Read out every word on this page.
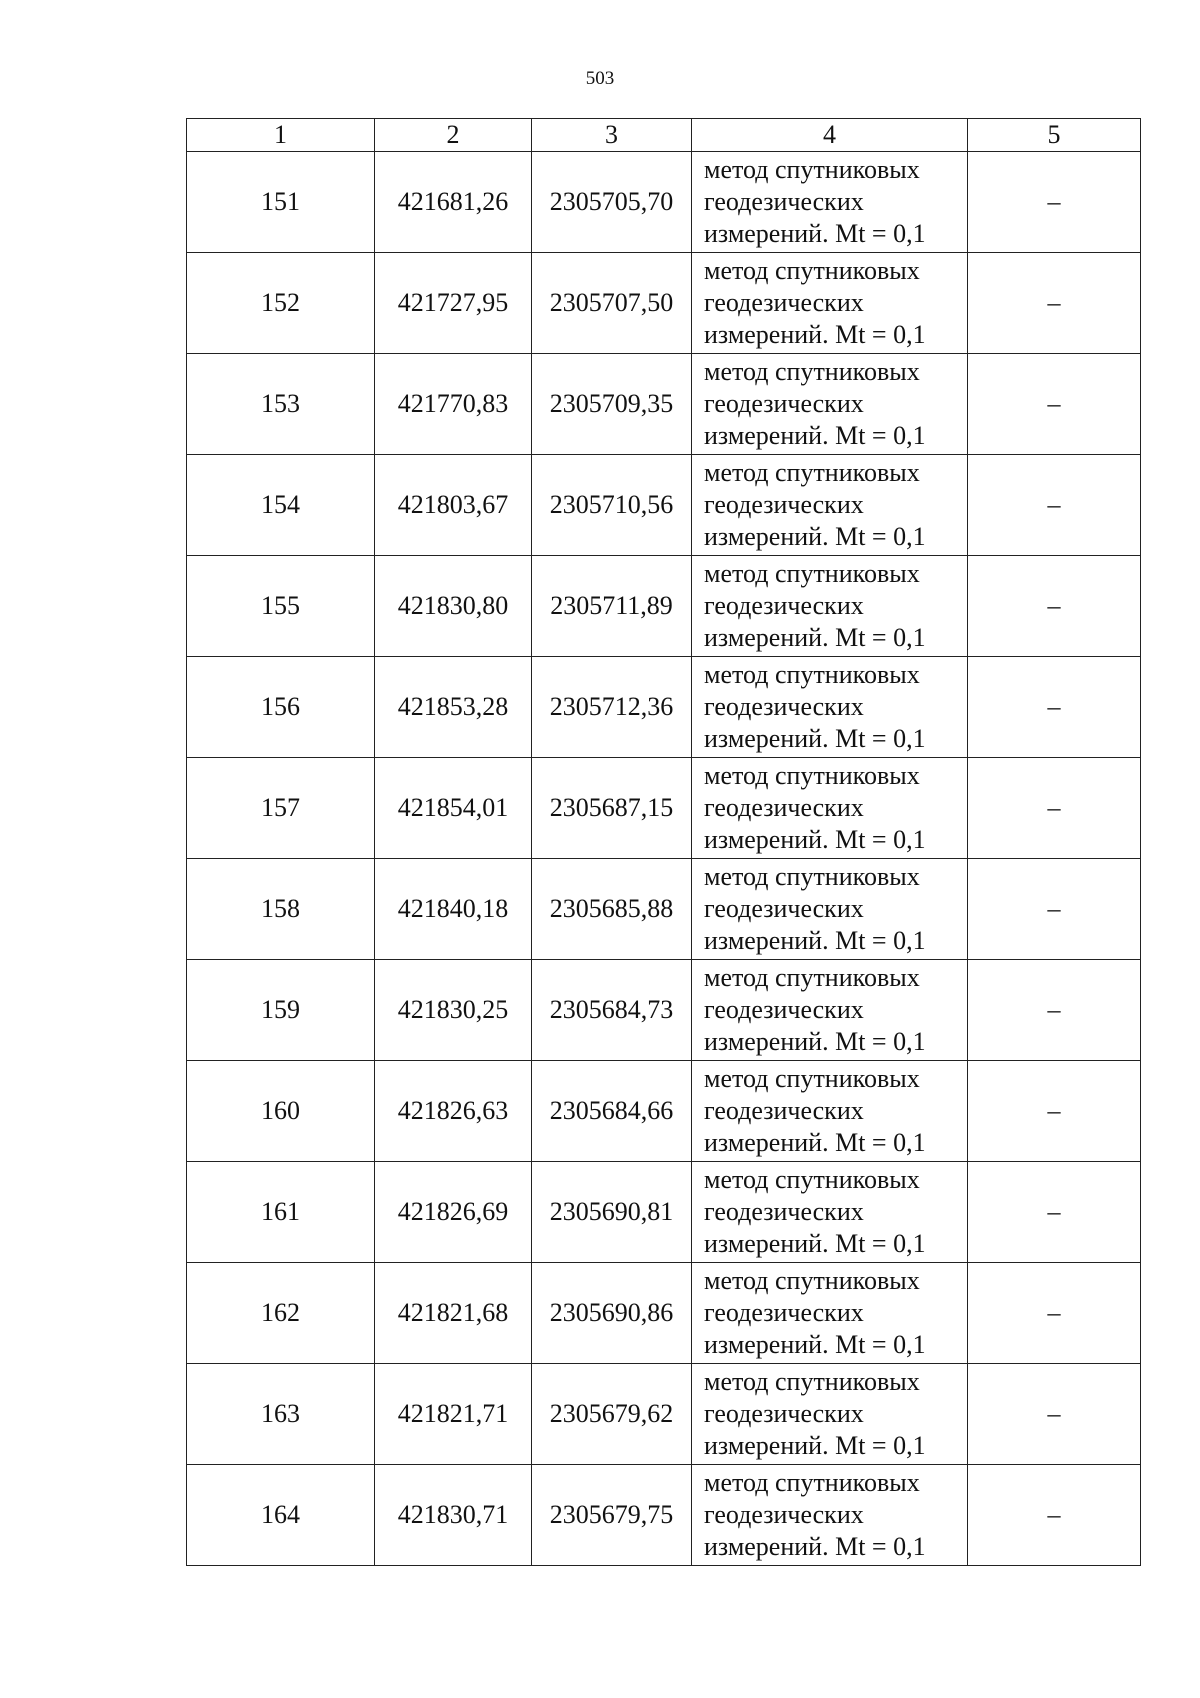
503
1	2	3	4	5
151	421681,26	2305705,70	метод спутниковых
геодезических
измерений. Mt = 0,1	–
152	421727,95	2305707,50	метод спутниковых
геодезических
измерений. Mt = 0,1	–
153	421770,83	2305709,35	метод спутниковых
геодезических
измерений. Mt = 0,1	–
154	421803,67	2305710,56	метод спутниковых
геодезических
измерений. Mt = 0,1	–
155	421830,80	2305711,89	метод спутниковых
геодезических
измерений. Mt = 0,1	–
156	421853,28	2305712,36	метод спутниковых
геодезических
измерений. Mt = 0,1	–
157	421854,01	2305687,15	метод спутниковых
геодезических
измерений. Mt = 0,1	–
158	421840,18	2305685,88	метод спутниковых
геодезических
измерений. Mt = 0,1	–
159	421830,25	2305684,73	метод спутниковых
геодезических
измерений. Mt = 0,1	–
160	421826,63	2305684,66	метод спутниковых
геодезических
измерений. Mt = 0,1	–
161	421826,69	2305690,81	метод спутниковых
геодезических
измерений. Mt = 0,1	–
162	421821,68	2305690,86	метод спутниковых
геодезических
измерений. Mt = 0,1	–
163	421821,71	2305679,62	метод спутниковых
геодезических
измерений. Mt = 0,1	–
164	421830,71	2305679,75	метод спутниковых
геодезических
измерений. Mt = 0,1	–
